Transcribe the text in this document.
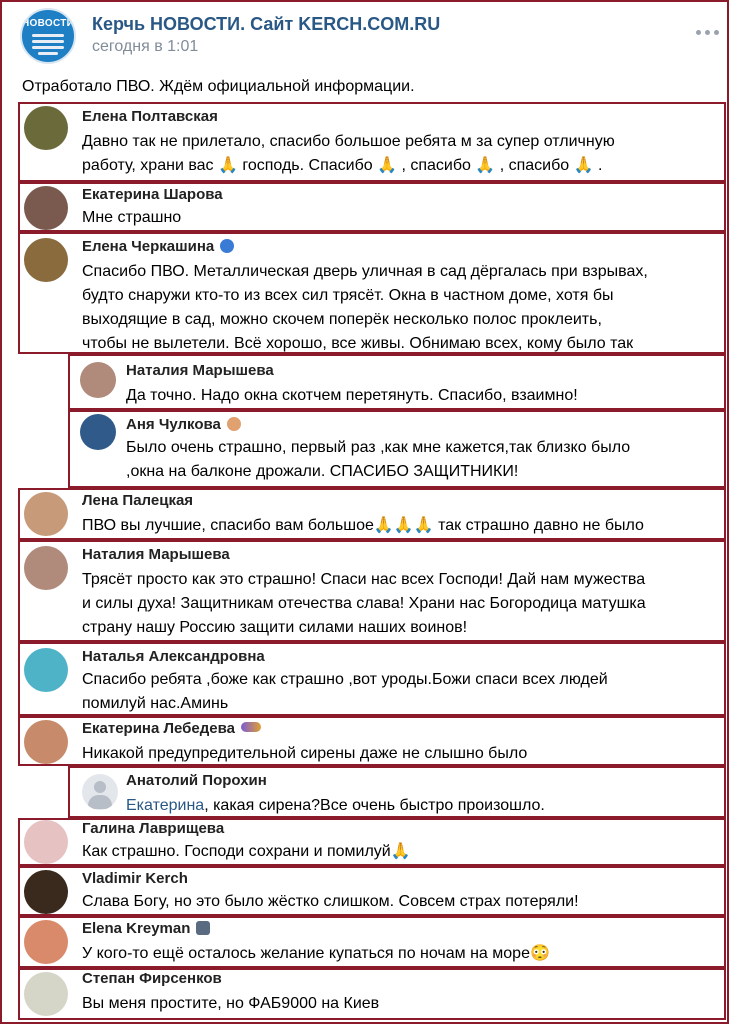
НОВОСТИ Керчь НОВОСТИ. Сайт KERCH.COM.RU
сегодня в 1:01
Отработало ПВО. Ждём официальной информации.
Елена Полтавская
Давно так не прилетало, спасибо большое ребята м за супер отличную
работу, храни вас 🙏 господь. Спасибо 🙏 , спасибо 🙏 , спасибо 🙏 .
Екатерина Шарова
Мне страшно
Елена Черкашина
Спасибо ПВО. Металлическая дверь уличная в сад дёргалась при взрывах,
будто снаружи кто-то из всех сил трясёт. Окна в частном доме, хотя бы
выходящие в сад, можно скочем поперёк несколько полос проклеить,
чтобы не вылетели. Всё хорошо, все живы. Обнимаю всех, кому было так
Наталия Марышева
Да точно. Надо окна скотчем перетянуть. Спасибо, взаимно!
Аня Чулкова
Было очень страшно, первый раз ,как мне кажется,так близко было
,окна на балконе дрожали. СПАСИБО ЗАЩИТНИКИ!
Лена Палецкая
ПВО вы лучшие, спасибо вам большое🙏🙏🙏 так страшно давно не было
Наталия Марышева
Трясёт просто как это страшно! Спаси нас всех Господи! Дай нам мужества
и силы духа! Защитникам отечества слава! Храни нас Богородица матушка
страну нашу Россию защити силами наших воинов!
Наталья Александровна
Спасибо ребята ,боже как страшно ,вот уроды.Божи спаси всех людей
помилуй нас.Аминь
Екатерина Лебедева
Никакой предупредительной сирены даже не слышно было
Анатолий Порохин
Екатерина, какая сирена?Все очень быстро произошло.
Галина Лаврищева
Как страшно. Господи сохрани и помилуй🙏
Vladimir Kerch
Слава Богу, но это было жёстко слишком. Совсем страх потеряли!
Elena Kreyman
У кого-то ещё осталось желание купаться по ночам на море😳
Степан Фирсенков
Вы меня простите, но ФАБ9000 на Киев
